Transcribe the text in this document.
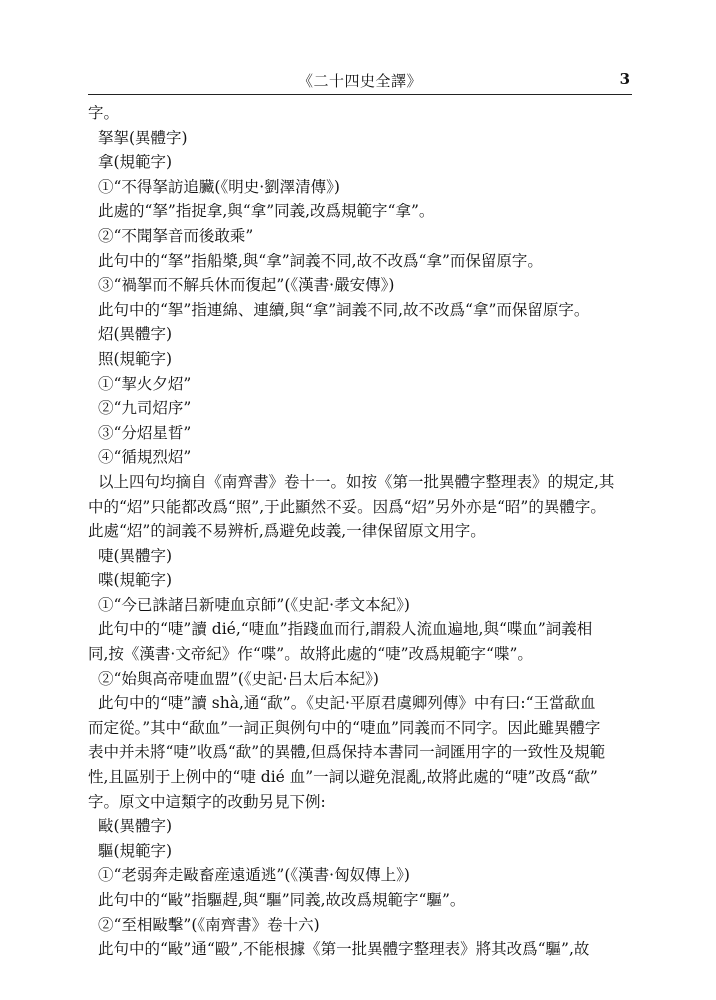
《二十四史全譯》	3
字。
拏挐(異體字)
拿(規範字)
①“不得拏訪追臟(《明史·劉澤清傳》)
此處的“拏”指捉拿,與“拿”同義,改爲規範字“拿”。
②“不聞拏音而後敢乘”
此句中的“拏”指船槳,與“拿”詞義不同,故不改爲“拿”而保留原字。
③“禍挐而不解兵休而復起”(《漢書·嚴安傳》)
此句中的“挐”指連綿、連續,與“拿”詞義不同,故不改爲“拿”而保留原字。
炤(異體字)
照(規範字)
①“挈火夕炤”
②“九司炤序”
③“分炤星晢”
④“循規烈炤”
以上四句均摘自《南齊書》卷十一。如按《第一批異體字整理表》的規定,其
中的“炤”只能都改爲“照”,于此顯然不妥。因爲“炤”另外亦是“昭”的異體字。
此處“炤”的詞義不易辨析,爲避免歧義,一律保留原文用字。
啑(異體字)
喋(規範字)
①“今已誅諸吕新啑血京師”(《史記·孝文本紀》)
此句中的“啑”讀 dié,“啑血”指踐血而行,謂殺人流血遍地,與“喋血”詞義相
同,按《漢書·文帝紀》作“喋”。故將此處的“啑”改爲規範字“喋”。
②“始與高帝啑血盟”(《史記·吕太后本紀》)
此句中的“啑”讀 shà,通“歃”。《史記·平原君虞卿列傳》中有曰:“王當歃血
而定從。”其中“歃血”一詞正與例句中的“啑血”同義而不同字。因此雖異體字
表中并未將“啑”收爲“歃”的異體,但爲保持本書同一詞匯用字的一致性及規範
性,且區别于上例中的“啑 dié 血”一詞以避免混亂,故將此處的“啑”改爲“歃”
字。原文中這類字的改動另見下例:
敺(異體字)
驅(規範字)
①“老弱奔走敺畜産遠遁逃”(《漢書·匈奴傳上》)
此句中的“敺”指驅趕,與“驅”同義,故改爲規範字“驅”。
②“至相敺擊”(《南齊書》卷十六)
此句中的“敺”通“毆”,不能根據《第一批異體字整理表》將其改爲“驅”,故
